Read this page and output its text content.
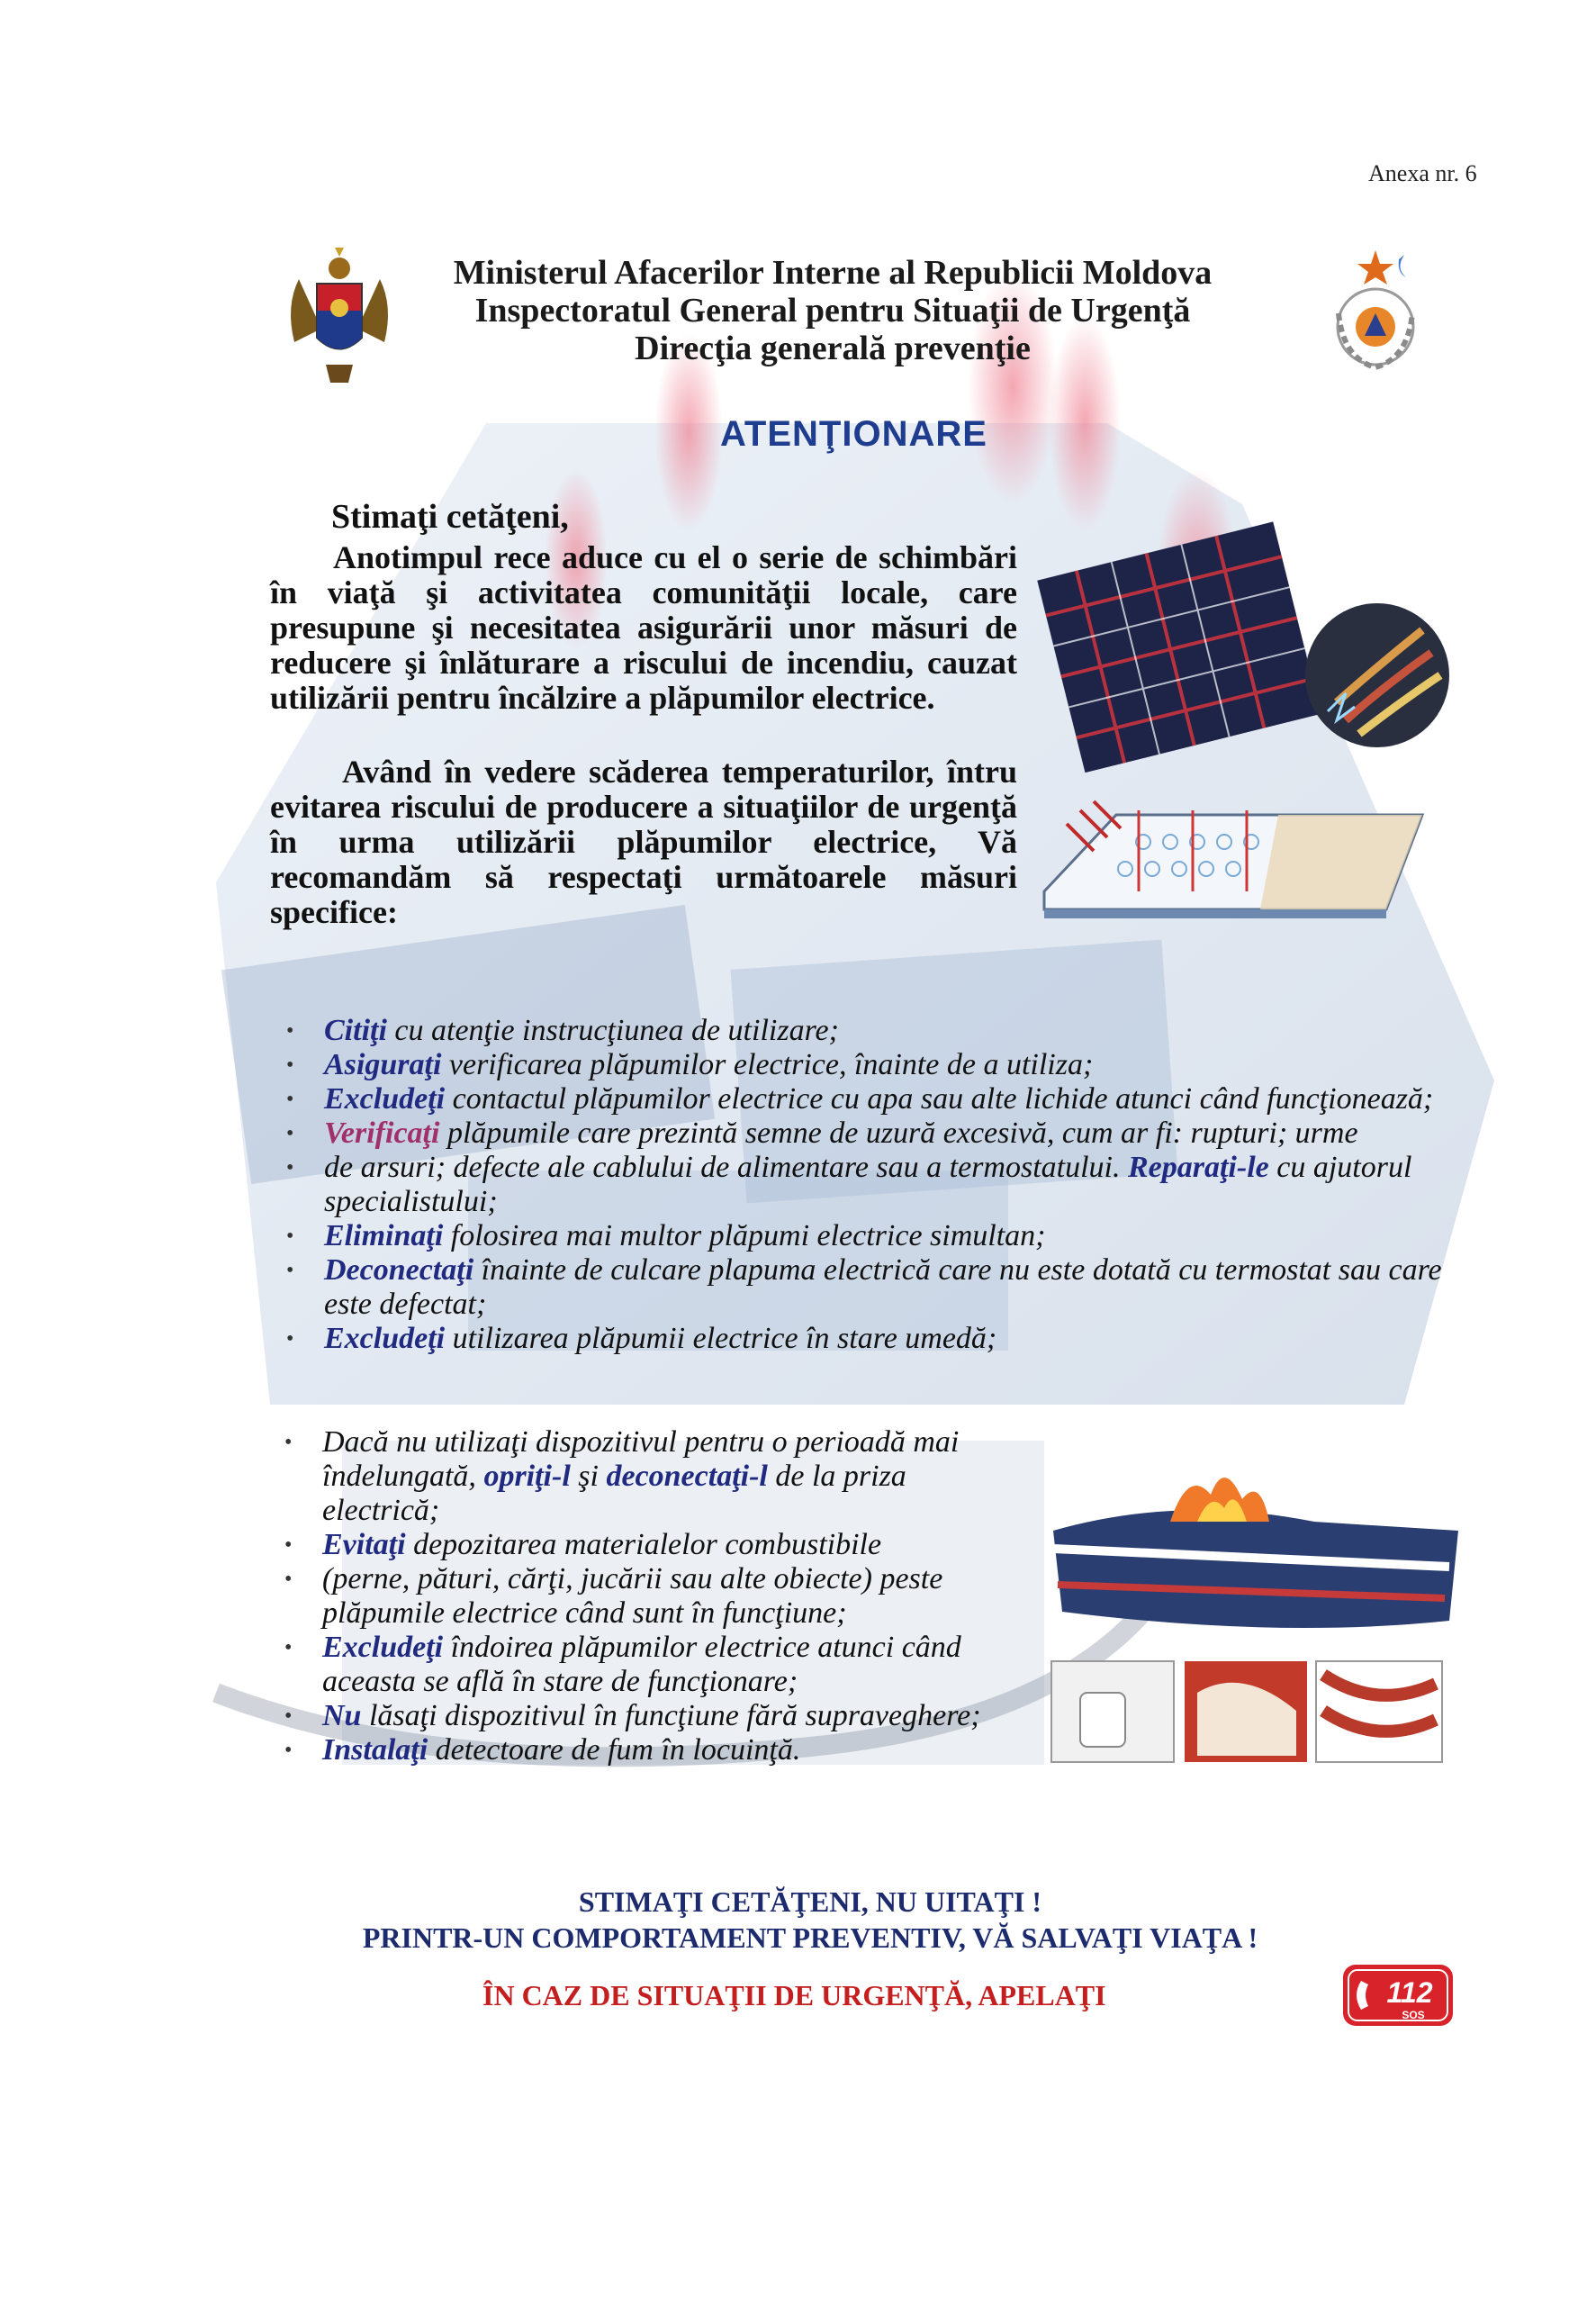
Anexa nr. 6
Ministerul Afacerilor Interne al Republicii Moldova
Inspectoratul General pentru Situaţii de Urgenţă
Direcţia generală prevenţie
ATENŢIONARE
Stimaţi cetăţeni,
Anotimpul rece aduce cu el o serie de schimbări în viaţă şi activitatea comunităţii locale, care presupune şi necesitatea asigurării unor măsuri de reducere şi înlăturare a riscului de incendiu, cauzat utilizării pentru încălzire a plăpumilor electrice.
Având în vedere scăderea temperaturilor, întru evitarea riscului de producere a situaţiilor de urgenţă în urma utilizării plăpumilor electrice, Vă recomandăm să respectaţi următoarele măsuri specifice:
• Citiţi cu atenţie instrucţiunea de utilizare;
• Asiguraţi verificarea plăpumilor electrice, înainte de a utiliza;
• Excludeţi contactul plăpumilor electrice cu apa sau alte lichide atunci când funcţionează;
• Verificaţi plăpumile care prezintă semne de uzură excesivă, cum ar fi: rupturi; urme
• de arsuri; defecte ale cablului de alimentare sau a termostatului. Reparaţi-le cu ajutorul specialistului;
• Eliminaţi folosirea mai multor plăpumi electrice simultan;
• Deconectaţi înainte de culcare plapuma electrică care nu este dotată cu termostat sau care este defectat;
• Excludeţi utilizarea plăpumii electrice în stare umedă;
• Dacă nu utilizaţi dispozitivul pentru o perioadă mai îndelungată, opriţi-l şi deconectaţi-l de la priza electrică;
• Evitaţi depozitarea materialelor combustibile
• (perne, pături, cărţi, jucării sau alte obiecte) peste plăpumile electrice când sunt în funcţiune;
• Excludeţi îndoirea plăpumilor electrice atunci când aceasta se află în stare de funcţionare;
• Nu lăsaţi dispozitivul în funcţiune fără supraveghere;
• Instalaţi detectoare de fum în locuinţă.
STIMAŢI CETĂŢENI, NU UITAŢI !
PRINTR-UN COMPORTAMENT PREVENTIV, VĂ SALVAŢI VIAŢA !
ÎN CAZ DE SITUAŢII DE URGENŢĂ, APELAŢI	112
SOS
